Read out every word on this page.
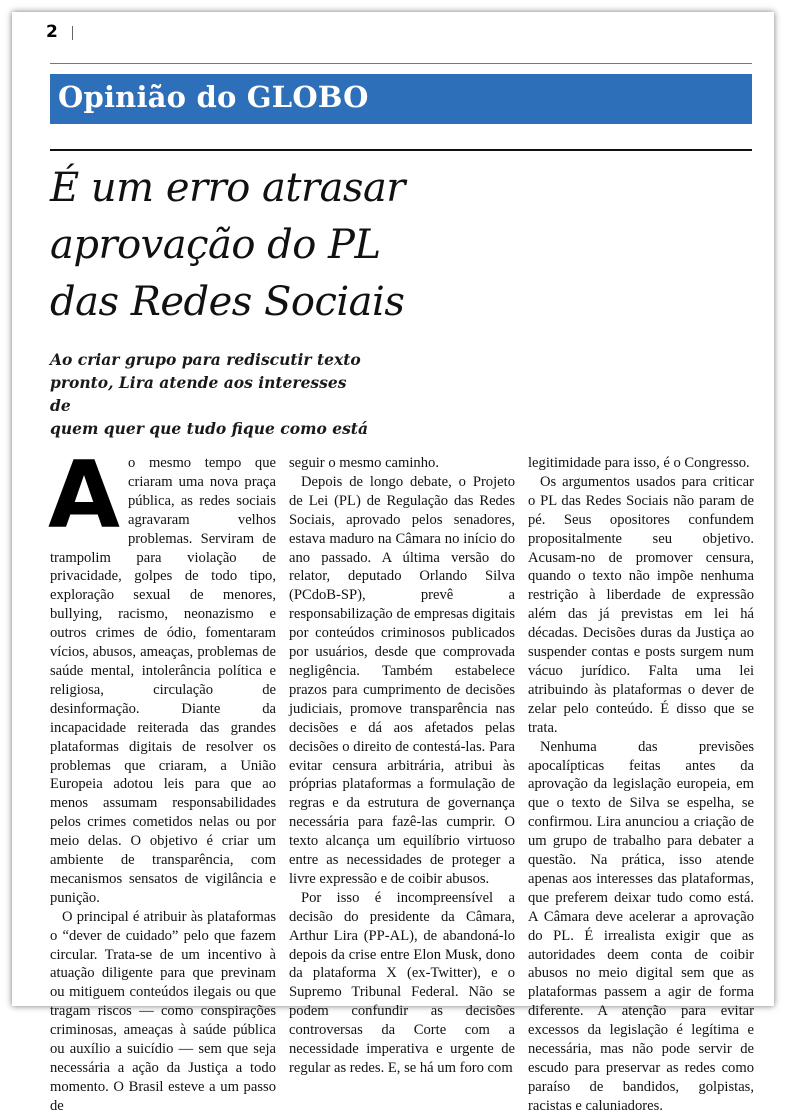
2
Opinião do GLOBO
É um erro atrasar
aprovação do PL
das Redes Sociais

Ao criar grupo para rediscutir texto
pronto, Lira atende aos interesses de
quem quer que tudo fique como está

Ao mesmo tempo que criaram uma nova praça pública, as redes sociais agravaram velhos problemas. Serviram de trampolim para violação de privacidade, golpes de todo tipo, exploração sexual de menores, bullying, racismo, neonazismo e outros crimes de ódio, fomentaram vícios, abusos, ameaças, problemas de saúde mental, intolerância política e religiosa, circulação de desinformação. Diante da incapacidade reiterada das grandes plataformas digitais de resolver os problemas que criaram, a União Europeia adotou leis para que ao menos assumam responsabilidades pelos crimes cometidos nelas ou por meio delas. O objetivo é criar um ambiente de transparência, com mecanismos sensatos de vigilância e punição.

O principal é atribuir às plataformas o “dever de cuidado” pelo que fazem circular. Trata-se de um incentivo à atuação diligente para que previnam ou mitiguem conteúdos ilegais ou que tragam riscos — como conspirações criminosas, ameaças à saúde pública ou auxílio a suicídio — sem que seja necessária a ação da Justiça a todo momento. O Brasil esteve a um passo de

seguir o mesmo caminho.

Depois de longo debate, o Projeto de Lei (PL) de Regulação das Redes Sociais, aprovado pelos senadores, estava maduro na Câmara no início do ano passado. A última versão do relator, deputado Orlando Silva (PCdoB-SP), prevê a responsabilização de empresas digitais por conteúdos criminosos publicados por usuários, desde que comprovada negligência. Também estabelece prazos para cumprimento de decisões judiciais, promove transparência nas decisões e dá aos afetados pelas decisões o direito de contestá-las. Para evitar censura arbitrária, atribui às próprias plataformas a formulação de regras e da estrutura de governança necessária para fazê-las cumprir. O texto alcança um equilíbrio virtuoso entre as necessidades de proteger a livre expressão e de coibir abusos.

Por isso é incompreensível a decisão do presidente da Câmara, Arthur Lira (PP-AL), de abandoná-lo depois da crise entre Elon Musk, dono da plataforma X (ex-Twitter), e o Supremo Tribunal Federal. Não se podem confundir as decisões controversas da Corte com a necessidade imperativa e urgente de regular as redes. E, se há um foro com

legitimidade para isso, é o Congresso.

Os argumentos usados para criticar o PL das Redes Sociais não param de pé. Seus opositores confundem propositalmente seu objetivo. Acusam-no de promover censura, quando o texto não impõe nenhuma restrição à liberdade de expressão além das já previstas em lei há décadas. Decisões duras da Justiça ao suspender contas e posts surgem num vácuo jurídico. Falta uma lei atribuindo às plataformas o dever de zelar pelo conteúdo. É disso que se trata.

Nenhuma das previsões apocalípticas feitas antes da aprovação da legislação europeia, em que o texto de Silva se espelha, se confirmou. Lira anunciou a criação de um grupo de trabalho para debater a questão. Na prática, isso atende apenas aos interesses das plataformas, que preferem deixar tudo como está. A Câmara deve acelerar a aprovação do PL. É irrealista exigir que as autoridades deem conta de coibir abusos no meio digital sem que as plataformas passem a agir de forma diferente. A atenção para evitar excessos da legislação é legítima e necessária, mas não pode servir de escudo para preservar as redes como paraíso de bandidos, golpistas, racistas e caluniadores.
